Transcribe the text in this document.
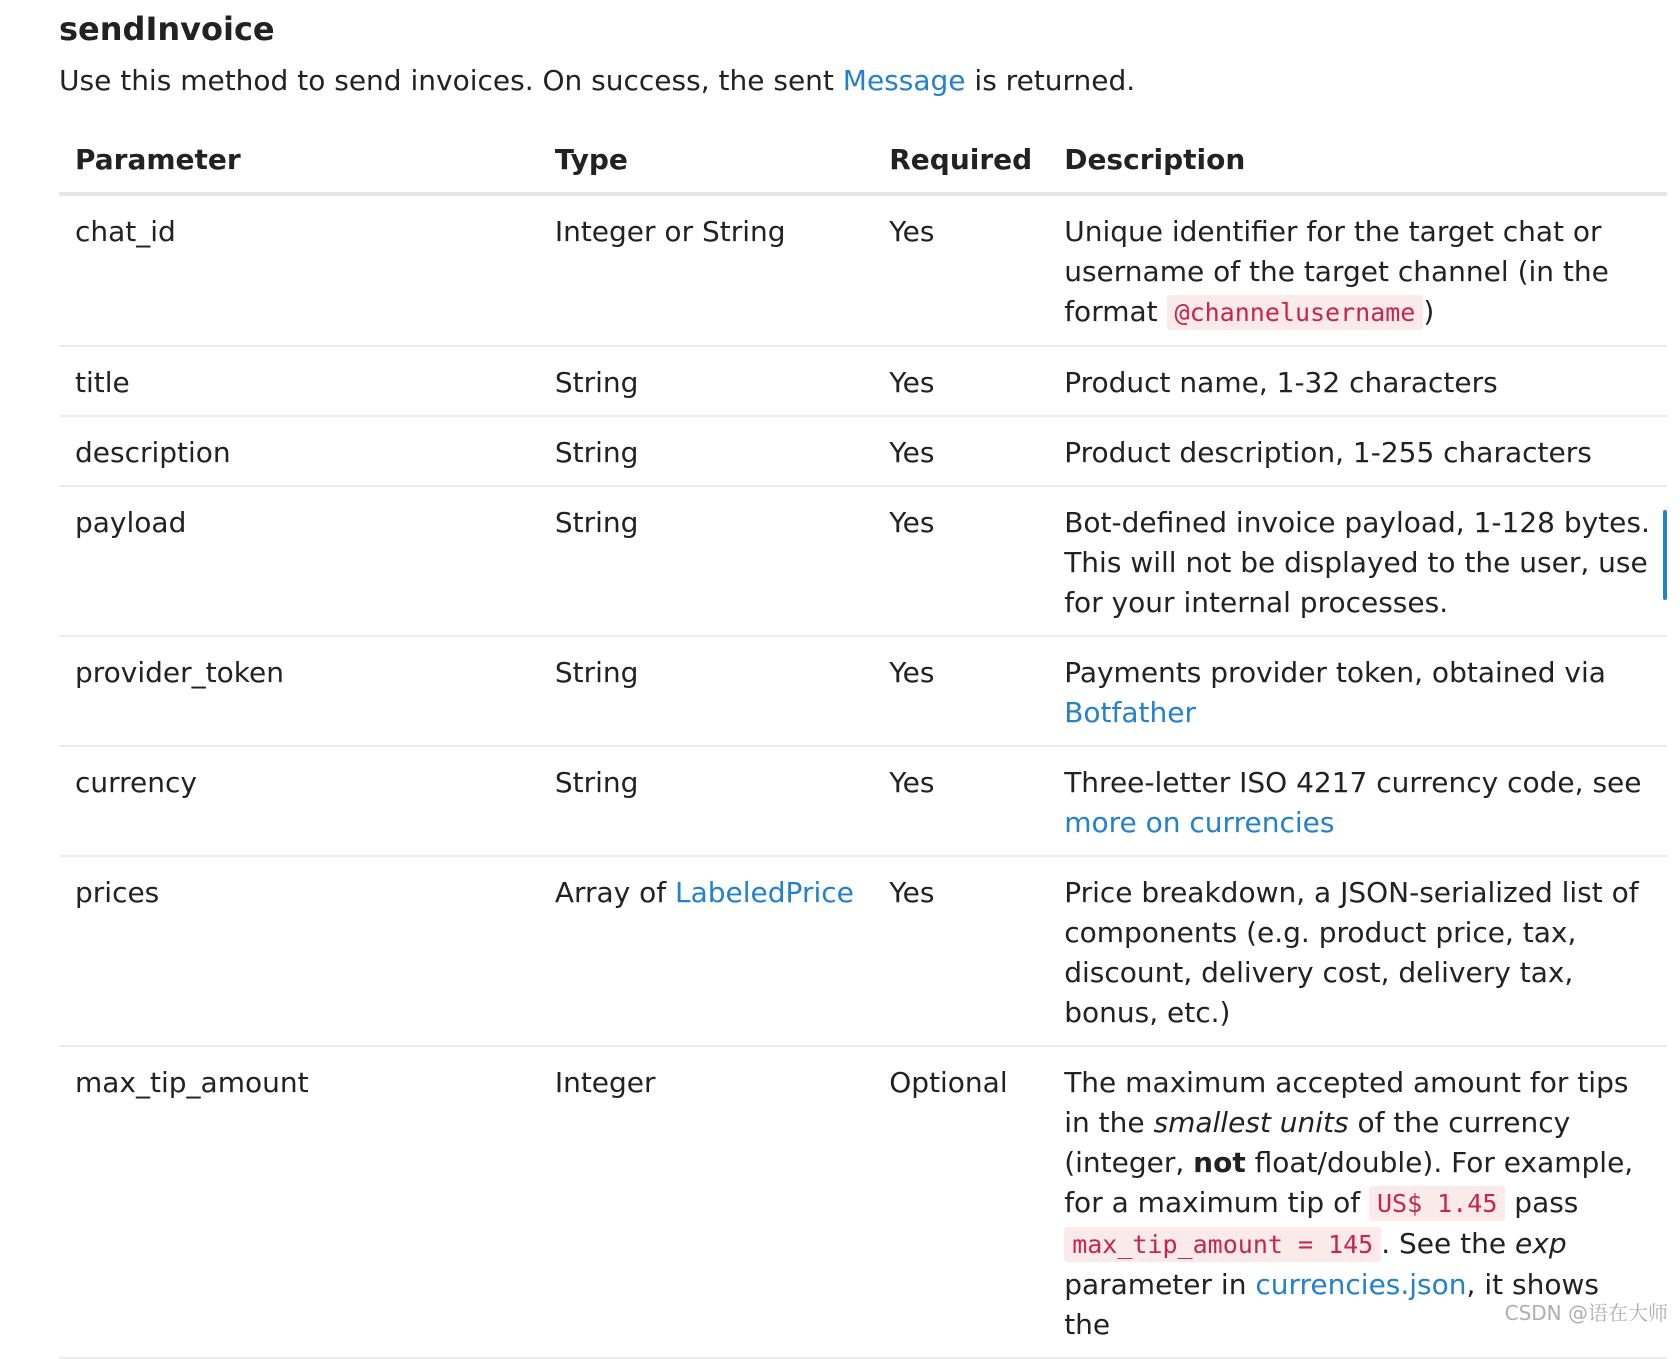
sendInvoice

Use this method to send invoices. On success, the sent Message is returned.

Parameter	Type	Required	Description
chat_id	Integer or String	Yes	Unique identifier for the target chat or username of the target channel (in the format @channelusername )
title	String	Yes	Product name, 1-32 characters
description	String	Yes	Product description, 1-255 characters
payload	String	Yes	Bot-defined invoice payload, 1-128 bytes. This will not be displayed to the user, use for your internal processes.
provider_token	String	Yes	Payments provider token, obtained via Botfather
currency	String	Yes	Three-letter ISO 4217 currency code, see more on currencies
prices	Array of LabeledPrice	Yes	Price breakdown, a JSON-serialized list of components (e.g. product price, tax, discount, delivery cost, delivery tax, bonus, etc.)
max_tip_amount	Integer	Optional	The maximum accepted amount for tips in the smallest units of the currency (integer, not float/double). For example, for a maximum tip of US$ 1.45 pass max_tip_amount = 145 . See the exp parameter in currencies.json, it shows the	CSDN @语在大师
